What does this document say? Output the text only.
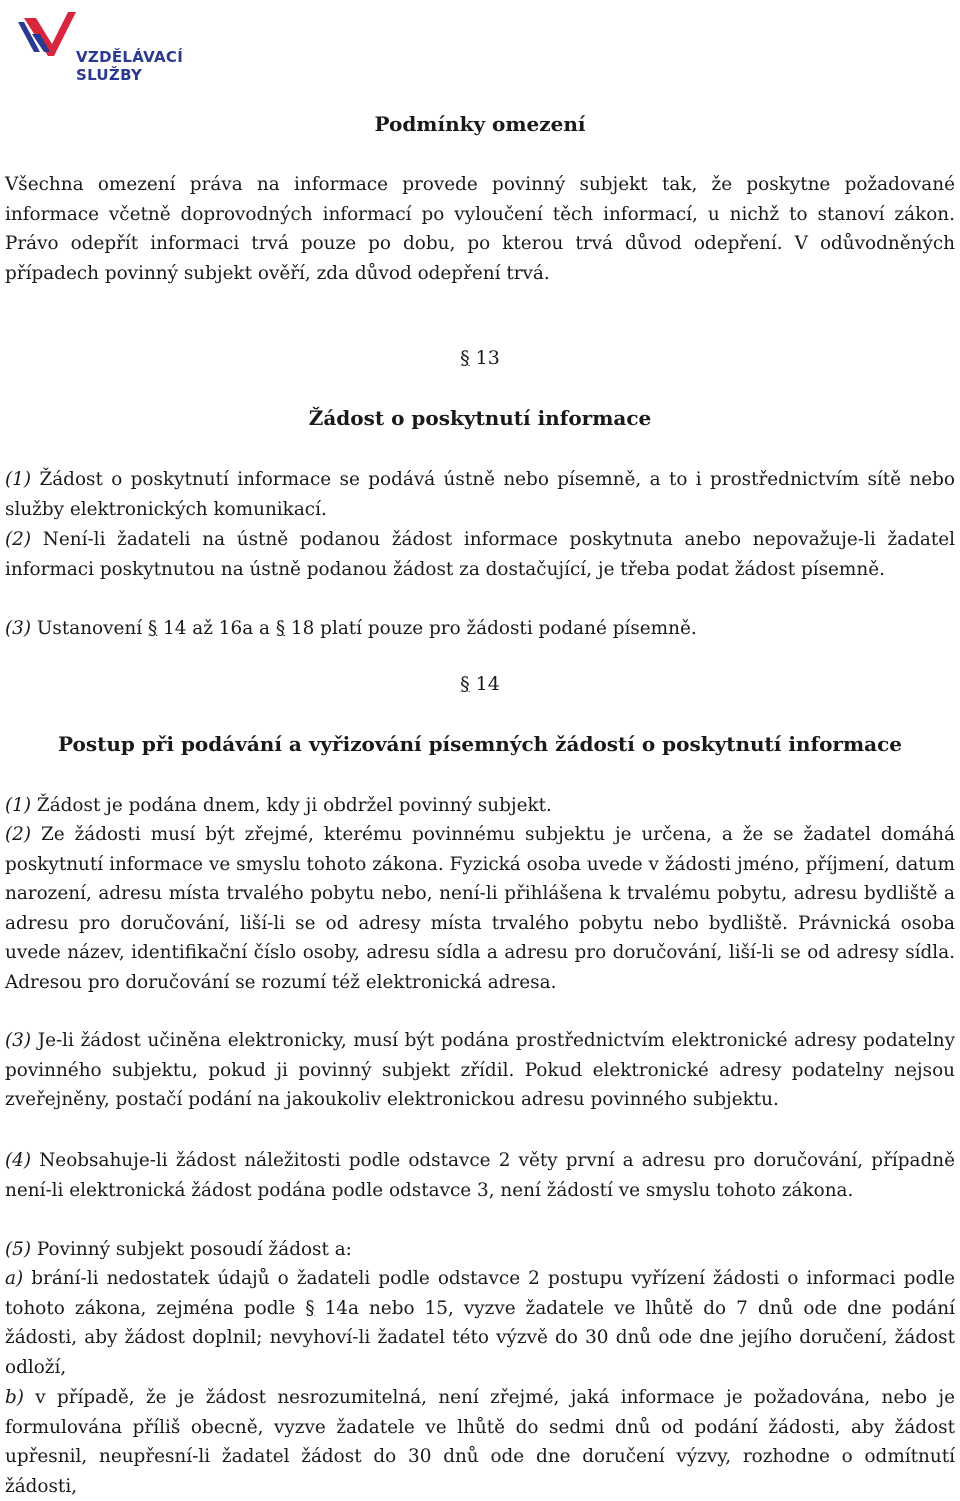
VZDĚLÁVACÍ
SLUŽBY
Podmínky omezení

Všechna omezení práva na informace provede povinný subjekt tak, že poskytne požadované informace včetně doprovodných informací po vyloučení těch informací, u nichž to stanoví zákon. Právo odepřít informaci trvá pouze po dobu, po kterou trvá důvod odepření. V odůvodněných případech povinný subjekt ověří, zda důvod odepření trvá.

§ 13
Žádost o poskytnutí informace

(1) Žádost o poskytnutí informace se podává ústně nebo písemně, a to i prostřednictvím sítě nebo služby elektronických komunikací.

(2) Není-li žadateli na ústně podanou žádost informace poskytnuta anebo nepovažuje-li žadatel informaci poskytnutou na ústně podanou žádost za dostačující, je třeba podat žádost písemně.

(3) Ustanovení § 14 až 16a a § 18 platí pouze pro žádosti podané písemně.

§ 14
Postup při podávání a vyřizování písemných žádostí o poskytnutí informace

(1) Žádost je podána dnem, kdy ji obdržel povinný subjekt.

(2) Ze žádosti musí být zřejmé, kterému povinnému subjektu je určena, a že se žadatel domáhá poskytnutí informace ve smyslu tohoto zákona. Fyzická osoba uvede v žádosti jméno, příjmení, datum narození, adresu místa trvalého pobytu nebo, není-li přihlášena k trvalému pobytu, adresu bydliště a adresu pro doručování, liší-li se od adresy místa trvalého pobytu nebo bydliště. Právnická osoba uvede název, identifikační číslo osoby, adresu sídla a adresu pro doručování, liší-li se od adresy sídla. Adresou pro doručování se rozumí též elektronická adresa.

(3) Je-li žádost učiněna elektronicky, musí být podána prostřednictvím elektronické adresy podatelny povinného subjektu, pokud ji povinný subjekt zřídil. Pokud elektronické adresy podatelny nejsou zveřejněny, postačí podání na jakoukoliv elektronickou adresu povinného subjektu.

(4) Neobsahuje-li žádost náležitosti podle odstavce 2 věty první a adresu pro doručování, případně není-li elektronická žádost podána podle odstavce 3, není žádostí ve smyslu tohoto zákona.

(5) Povinný subjekt posoudí žádost a:

a) brání-li nedostatek údajů o žadateli podle odstavce 2 postupu vyřízení žádosti o informaci podle tohoto zákona, zejména podle § 14a nebo 15, vyzve žadatele ve lhůtě do 7 dnů ode dne podání žádosti, aby žádost doplnil; nevyhoví-li žadatel této výzvě do 30 dnů ode dne jejího doručení, žádost odloží,

b) v případě, že je žádost nesrozumitelná, není zřejmé, jaká informace je požadována, nebo je formulována příliš obecně, vyzve žadatele ve lhůtě do sedmi dnů od podání žádosti, aby žádost upřesnil, neupřesní-li žadatel žádost do 30 dnů ode dne doručení výzvy, rozhodne o odmítnutí žádosti,
